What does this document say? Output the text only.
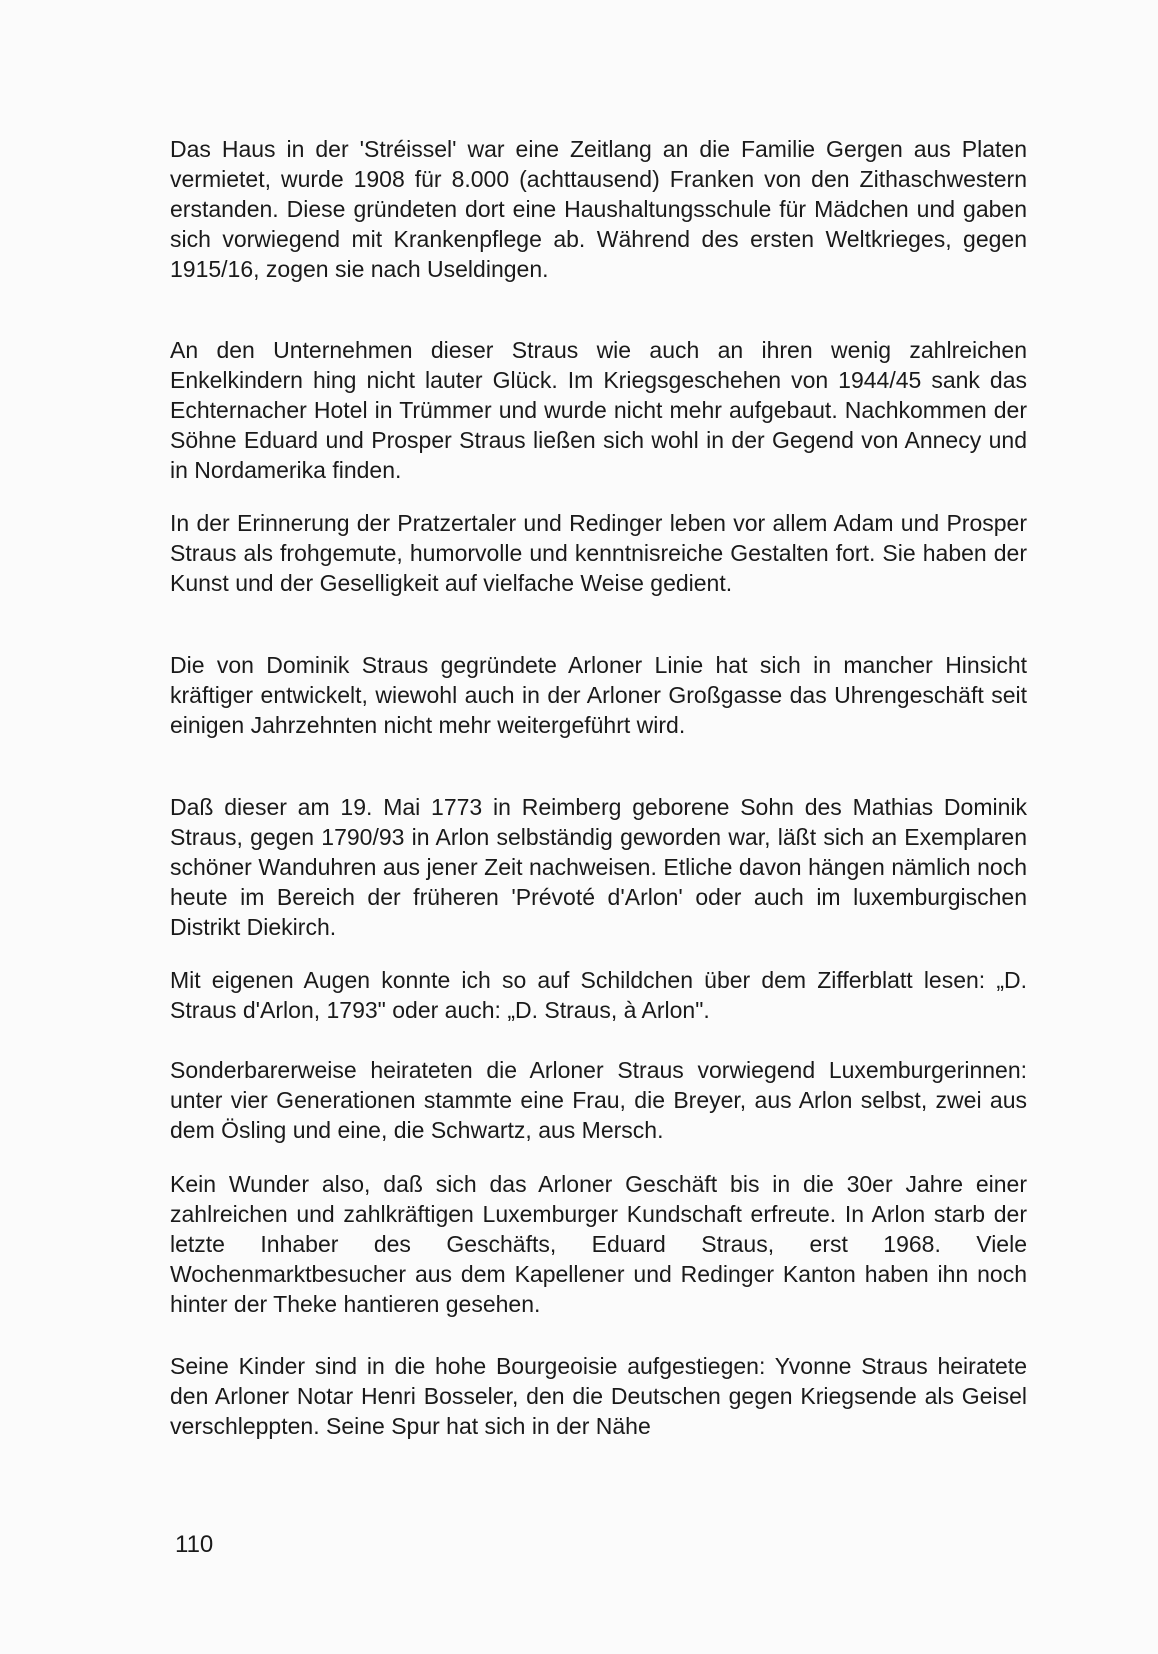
Das Haus in der 'Stréissel' war eine Zeitlang an die Familie Gergen aus Platen vermietet, wurde 1908 für 8.000 (achttausend) Franken von den Zithaschwestern erstanden. Diese gründeten dort eine Haushaltungsschule für Mädchen und gaben sich vorwiegend mit Krankenpflege ab. Während des ersten Weltkrieges, gegen 1915/16, zogen sie nach Useldingen.

An den Unternehmen dieser Straus wie auch an ihren wenig zahlreichen Enkelkindern hing nicht lauter Glück. Im Kriegsgeschehen von 1944/45 sank das Echternacher Hotel in Trümmer und wurde nicht mehr aufgebaut. Nachkommen der Söhne Eduard und Prosper Straus ließen sich wohl in der Gegend von Annecy und in Nordamerika finden.

In der Erinnerung der Pratzertaler und Redinger leben vor allem Adam und Prosper Straus als frohgemute, humorvolle und kenntnisreiche Gestalten fort. Sie haben der Kunst und der Geselligkeit auf vielfache Weise gedient.

Die von Dominik Straus gegründete Arloner Linie hat sich in mancher Hinsicht kräftiger entwickelt, wiewohl auch in der Arloner Großgasse das Uhrengeschäft seit einigen Jahrzehnten nicht mehr weitergeführt wird.

Daß dieser am 19. Mai 1773 in Reimberg geborene Sohn des Mathias Dominik Straus, gegen 1790/93 in Arlon selbständig geworden war, läßt sich an Exemplaren schöner Wanduhren aus jener Zeit nachweisen. Etliche davon hängen nämlich noch heute im Bereich der früheren 'Prévoté d'Arlon' oder auch im luxemburgischen Distrikt Diekirch.

Mit eigenen Augen konnte ich so auf Schildchen über dem Zifferblatt lesen: „D. Straus d'Arlon, 1793" oder auch: „D. Straus, à Arlon".

Sonderbarerweise heirateten die Arloner Straus vorwiegend Luxemburgerinnen: unter vier Generationen stammte eine Frau, die Breyer, aus Arlon selbst, zwei aus dem Ösling und eine, die Schwartz, aus Mersch.

Kein Wunder also, daß sich das Arloner Geschäft bis in die 30er Jahre einer zahlreichen und zahlkräftigen Luxemburger Kundschaft erfreute. In Arlon starb der letzte Inhaber des Geschäfts, Eduard Straus, erst 1968. Viele Wochenmarktbesucher aus dem Kapellener und Redinger Kanton haben ihn noch hinter der Theke hantieren gesehen.

Seine Kinder sind in die hohe Bourgeoisie aufgestiegen: Yvonne Straus heiratete den Arloner Notar Henri Bosseler, den die Deutschen gegen Kriegsende als Geisel verschleppten. Seine Spur hat sich in der Nähe

110
